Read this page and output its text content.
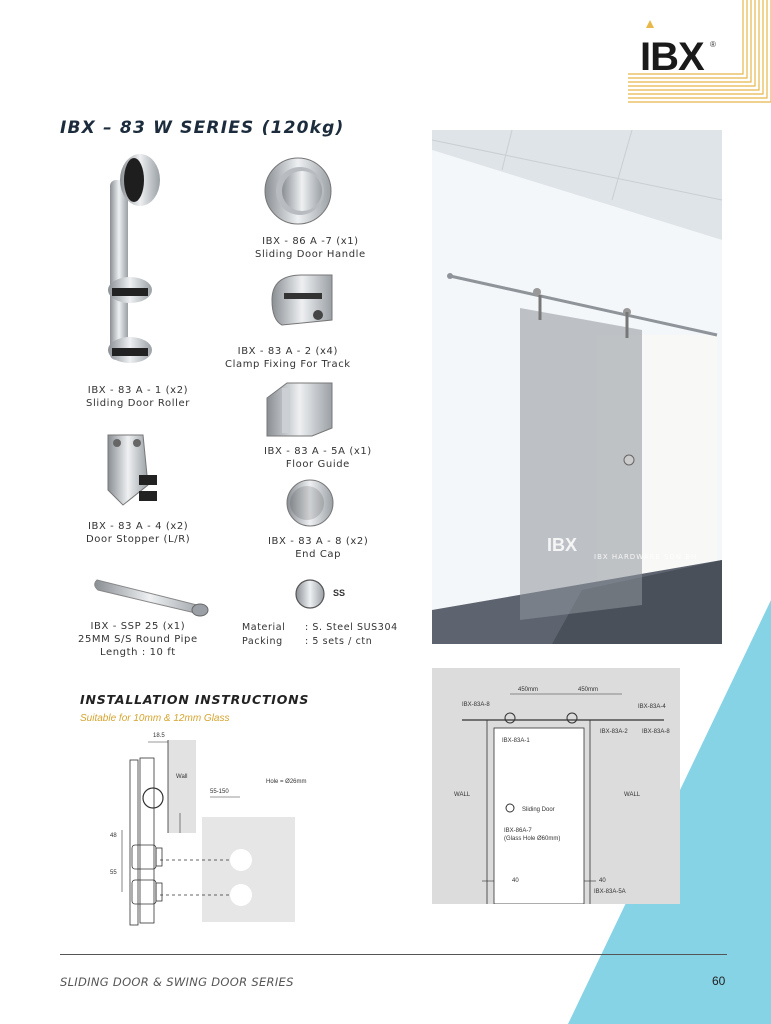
IBX ®
IBX – 83 W SERIES (120kg)
IBX - 83 A - 1 (x2)
Sliding Door Roller
IBX - 86 A -7 (x1)
Sliding Door Handle
IBX - 83 A - 2 (x4)
Clamp Fixing For Track
IBX - 83 A - 4 (x2)
Door Stopper (L/R)
IBX - 83 A - 5A (x1)
Floor Guide
IBX - 83 A - 8 (x2)
End Cap
IBX - SSP 25 (x1)
25MM S/S Round Pipe
Length : 10 ft
SS
Material : S. Steel SUS304
Packing : 5 sets / ctn
IBX
IBX HARDWARE SDN BH
INSTALLATION INSTRUCTIONS
Suitable for 10mm & 12mm Glass
18.5
Wall
Hole = Ø26mm
55-150
48
55
450mm	450mm
IBX-83A-8	IBX-83A-4
IBX-83A-2 IBX-83A-8
IBX-83A-1
WALL	WALL
Sliding Door
IBX-86A-7
(Glass Hole Ø60mm)
40	40
IBX-83A-5A
SLIDING DOOR & SWING DOOR SERIES	60
